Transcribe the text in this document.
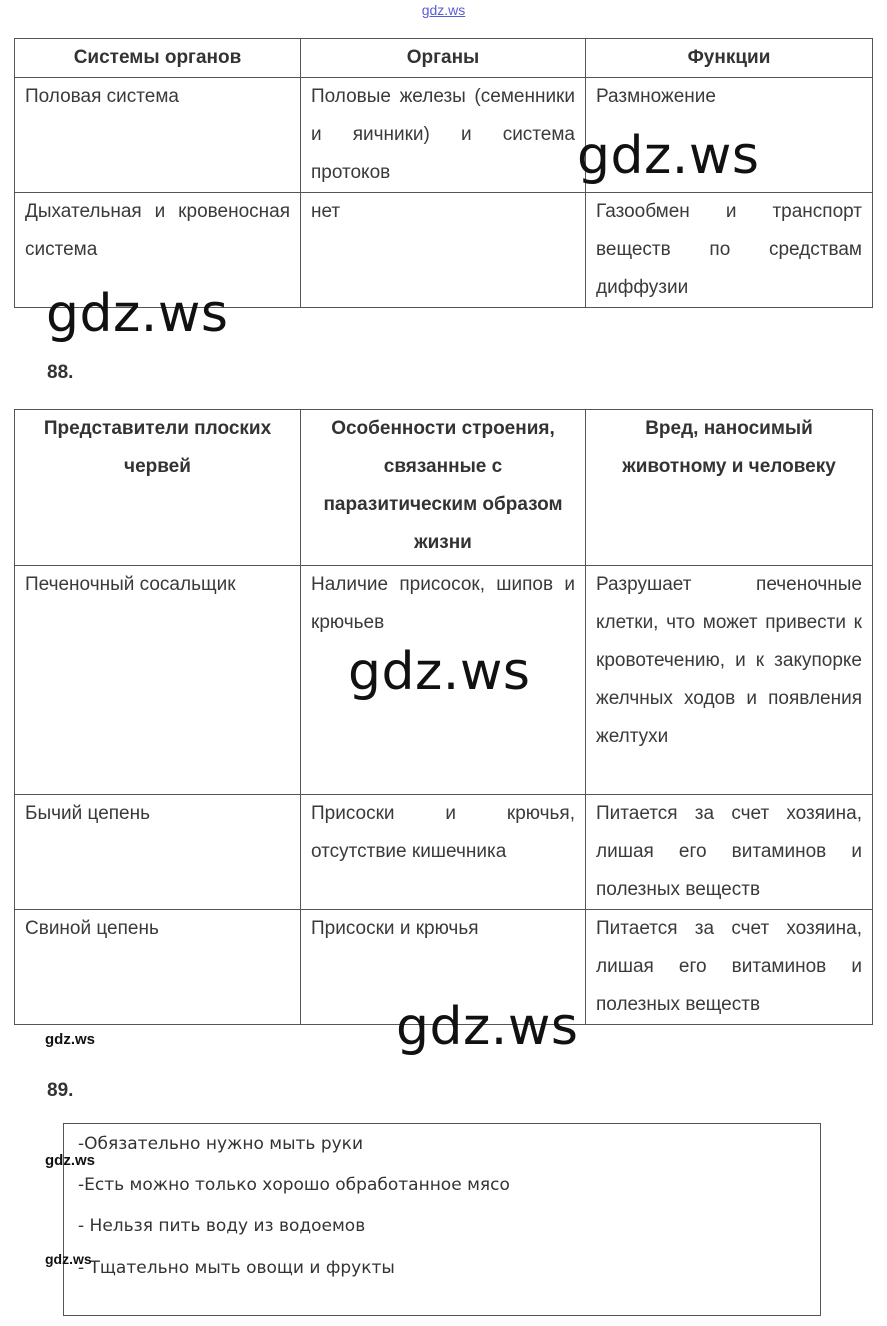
gdz.ws
Системы органов	Органы	Функции
Половая система	Половые железы (семенники и яичники) и система протоков	Размножение
Дыхательная и кровеносная система	нет	Газообмен и транспорт веществ по средствам диффузии
88.
Представители плоских червей	Особенности строения, связанные с паразитическим образом жизни	Вред, наносимый животному и человеку
Печеночный сосальщик	Наличие присосок, шипов и крючьев	Разрушает печеночные клетки, что может привести к кровотечению, и к закупорке желчных ходов и появления желтухи
Бычий цепень	Присоски и крючья, отсутствие кишечника	Питается за счет хозяина, лишая его витаминов и полезных веществ
Свиной цепень	Присоски и крючья	Питается за счет хозяина, лишая его витаминов и полезных веществ
89.
-Обязательно нужно мыть руки
-Есть можно только хорошо обработанное мясо
- Нельзя пить воду из водоемов
- Тщательно мыть овощи и фрукты
gdz.ws
gdz.ws
gdz.ws
gdz.ws
gdz.ws
gdz.ws
gdz.ws
